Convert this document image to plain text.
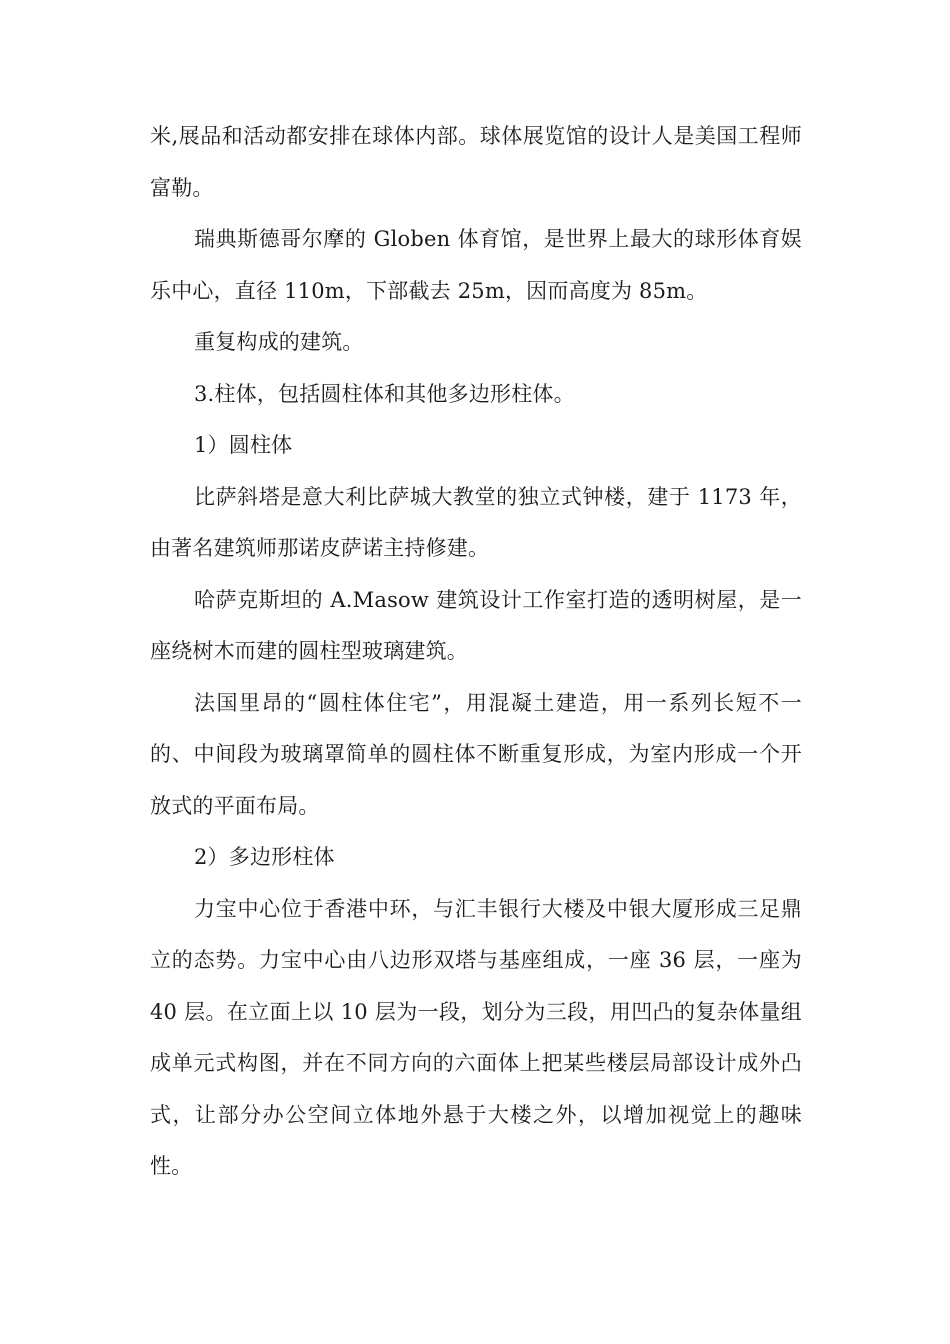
米,展品和活动都安排在球体内部。球体展览馆的设计人是美国工程师富勒。

瑞典斯德哥尔摩的 Globen 体育馆，是世界上最大的球形体育娱乐中心，直径 110m，下部截去 25m，因而高度为 85m。

重复构成的建筑。

3.柱体，包括圆柱体和其他多边形柱体。

1）圆柱体

比萨斜塔是意大利比萨城大教堂的独立式钟楼，建于 1173 年，由著名建筑师那诺皮萨诺主持修建。

哈萨克斯坦的 A.Masow 建筑设计工作室打造的透明树屋，是一座绕树木而建的圆柱型玻璃建筑。

法国里昂的“圆柱体住宅”，用混凝土建造，用一系列长短不一的、中间段为玻璃罩简单的圆柱体不断重复形成，为室内形成一个开放式的平面布局。

2）多边形柱体

力宝中心位于香港中环，与汇丰银行大楼及中银大厦形成三足鼎立的态势。力宝中心由八边形双塔与基座组成，一座 36 层，一座为 40 层。在立面上以 10 层为一段，划分为三段，用凹凸的复杂体量组成单元式构图，并在不同方向的六面体上把某些楼层局部设计成外凸式，让部分办公空间立体地外悬于大楼之外，以增加视觉上的趣味性。
